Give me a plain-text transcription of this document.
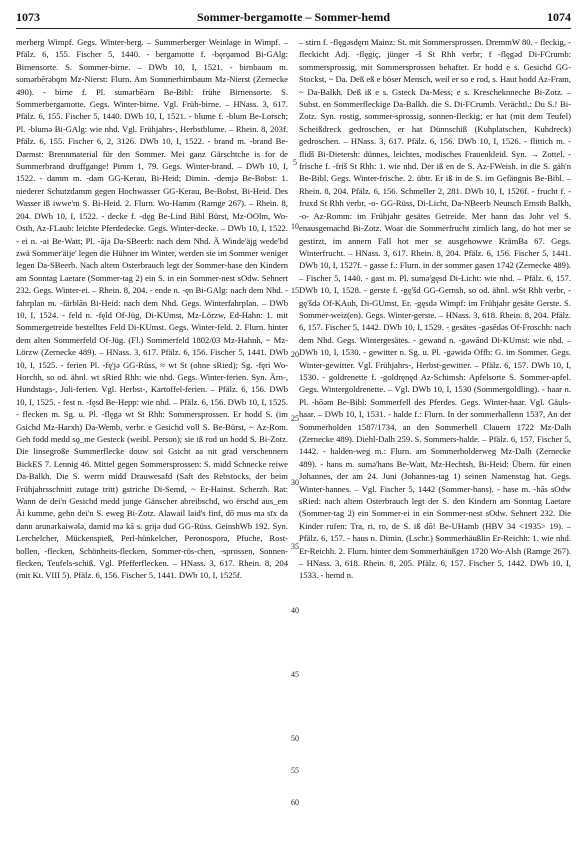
1073	Sommer-bergamotte – Sommer-hemd	1074

merberg Wimpf. Gegs. Winter-berg. – Summerberger Weinlage in Wimpf. – Pfälz. 6, 155. Fischer 5, 1440. - bergamotte f. -bęrǫamod Bi-GAlg: Birnensorte. S. Sommer-birne. – DWb 10, I, 1521. - birnbaum m. somǝrbērǝbǫm Mz-Nierst: Flurn. Am Sommerbirnbaum Mz-Nierst (Zernecke 490). - birne f. Pl. sumǝrbēǝrn Be-Bibl: frühe Birnensorte. S. Sommerbergamotte. Gegs. Winter-birne. Vgl. Früh-birne. – HNass. 3, 617. Pfälz. 6, 155. Fischer 5, 1440. DWb 10, I, 1521. - blume f. -blum Be-Lorsch; Pl. -blumǝ Bi-GAlg: wie nhd. Vgl. Frühjahrs-, Herbstblume. – Rhein. 8, 203f. Pfälz. 6, 155. Fischer 6, 2, 3126. DWb 10, I, 1522. - brand m. -brand Be-Darmst: Brennmaterial für den Sommer. Mei ganz Gärschtche is for de Summerbrand druffgange! Pimm 1, 79. Gegs. Winter-brand. – DWb 10, I, 1522. - damm m. -dam GG-Kerau, Bi-Heid; Dimin. -demjǝ Be-Bobst: 1. niederer Schutzdamm gegen Hochwasser GG-Kerau, Be-Bobst, Bi-Heid. Des Wasser iß iwwe'm S. Bi-Heid. 2. Flurn. Wo-Hamm (Ramge 267). – Rhein. 8, 204. DWb 10, I, 1522. - decke f. -dęg Be-Lind Bibl Bürst, Mz-OOlm, Wo-Osth, Az-FLaub: leichte Pferdedecke. Gegs. Winter-decke. – DWb 10, I, 1522. - ei n. -ai Be-Watt; Pl. -ājǝ Da-SBeerb: nach dem Nhd. Ä Winde'äjg wede'bd zwä Sommer'äije' legen die Hühner im Winter, werden sie im Sommer weniger legen Da-SBeerb. Nach altem Osterbrauch legt der Sommer-hase den Kindern am Sonntag Laetare (Sommer-tag 2) ein S. in ein Sommer-nest sOdw. Sehnert 232. Gegs. Winter-ei. – Rhein. 8, 204. - ende n. -ęn Bi-GAlg: nach dem Nhd. - fahrplan m. -färblān Bi-Heid: nach dem Nhd. Gegs. Winterfahrplan. – DWb 10, I, 1524. - feld n. -fęld Of-Jüg, Di-KUmst, Mz-Lörzw, Ed-Hahn: 1. mit Sommergetreide bestelltes Feld Di-KUmst. Gegs. Winter-feld. 2. Flurn. hinter dem alten Sommerfeld Of-Jüg. (Fl.) Sommerfeld 1802/03 Mz-Hahnh, ~ Mz-Lörzw (Zernecke 489). – HNass. 3, 617. Pfälz. 6, 156. Fischer 5, 1441. DWb 10, I, 1525. - ferien Pl. -fę'jǝ GG-Rüss, ≈ wt St (ohne sRied); Sg. -fęri Wo-Horchh, so od. ähnl. wt sRied Rhh: wie nhd. Gegs. Winter-ferien. Syn. Ärn-, Hundstags-, Juli-ferien. Vgl. Herbst-, Kartoffel-ferien. – Pfälz. 6, 156. DWb 10, I, 1525. - fest n. -fęsd Be-Hepp: wie nhd. – Pfälz. 6, 156. DWb 10, I, 1525. - flecken m. Sg. u. Pl. -flęgǝ wt St Rhh: Sommersprossen. Er hodd S. (im Gsichd Mz-Harxh) Da-Wemb, verbr. e Gesichd voll S. Be-Bürst, ~ Az-Rom. Geh fodd medd sǫ_me Gesteck (weibl. Person); sie iß rod un hodd S. Bi-Zotz. Die linsegroße Summerflecke douw soi Gsicht aa nit grad verschennern BickES 7. Lennig 46. Mittel gegen Sommersprossen: S. midd Schnecke reiwe Da-Balkh. Die S. werrn midd Drauwesafd (Saft des Rebstocks, der beim Frühjahrsschnitt zutage tritt) gstriche Di-Semd, ~ Er-Hainst. Scherzh. Rat: Wann de dei'n Gesichd medd junge Gänscher abreibschd, wo ërschd aus_em Äi kumme, gehn dei'n S. eweg Bi-Zotz. Alawail laid's finf, dō mus mǝ sīx da dann arunǝrkaiwǝlǝ, damid mǝ kā s. grijǝ dud GG-Rüss. GeinshWb 192. Syn. Lerchelcher, Mückenspieß, Perl-hünkelcher, Peronospora, Pfuche, Rost-bollen, -flecken, Schönheits-flecken, Sommer-rös-chen, -sprossen, Sonnen-flecken, Teufels-schiß. Vgl. Pfefferflecken. – HNass. 3, 617. Rhein. 8, 204 (mit Kt. VIII 5). Pfälz. 6, 156. Fischer 5, 1441. DWb 10, I, 1525f.

5
10
15
20
25
30
35
40
45
50
55
60

– stirn f. -flęgǝsdęrn Mainz: St. mit Sommersprossen. DremmW 80. - fleckig, -fleckicht Adj. -flęgiç, jünger -š St Rhh verbr; f -flęgǝd Di-FCrumb: sommersprossig, mit Sommersprossen behaftet. Er hodd e s. Gesichd GG-Stockst, ~ Da. Deß eß e böser Mensch, weil er so e rod, s. Haut hodd Az-Fram, ~ Da-Balkh. Deß iß e s. Gsteck Da-Mess; e s. Krescheknneche Bi-Zotz. – Subst. en Sommerfleckige Da-Balkh. die S. Di-FCrumb. Verächtl.: Du S.! Bi-Zotz. Syn. rostig, sommer-sprossig, sonnen-fleckig; er hat (mit dem Teufel) Scheißdreck gedroschen, er hat Dünnschiß (Kuhplatschen, Kuhdreck) gedroschen. – HNass. 3, 617. Pfälz. 6, 156. DWb 10, I, 1526. - flittich m. -flidš Bi-Dietersh: dünnes, leichtes, modisches Frauenkleid. Syn. → Zottel. - frische f. -friš St Rhh: 1. wie nhd. Der iß en de S. Az-FWeish. in die S. gäh'n Be-Bibl. Gegs. Winter-frische. 2. übtr. Er iß in de S. im Gefängnis Be-Bibl. – Rhein. 8, 204. Pfälz. 6, 156. Schmeller 2, 281. DWb 10, I, 1526f. - frucht f. -fruxd St Rhh verbr, -o- GG-Rüss, Di-Licht, Da-NBeerb Neutsch Ernsth Balkh, -o- Az-Romm: im Frühjahr gesätes Getreide. Mer hann das Johr vel S. enausgemachd Bi-Zotz. Woar die Sommerfrucht zimlich lang, do hot mer se gestirzt, im annern Fall hot mer se ausgehowwe KrämBa 67. Gegs. Winterfrucht. – HNass. 3, 617. Rhein. 8, 204. Pfälz. 6, 156. Fischer 5, 1441. DWb 10, I, 1527f. - gasse f.: Flurn. in der sommer gasen 1742 (Zernecke 489). – Fischer 5, 1440. - gast m. Pl. sumǝ'gęsd Di-Licht: wie nhd. – Pfälz. 6, 157. DWb 10, I, 1528. - gerste f. -gę'šd GG-Gernsh, so od. ähnl. wSt Rhh verbr, -gę'šdǝ Of-KAuh, Di-GUmst, Er. -gęsdǝ Wimpf: im Frühjahr gesäte Gerste. S. Sommer-weiz(en). Gegs. Winter-gerste. – HNass. 3, 618. Rhein. 8, 204. Pfälz. 6, 157. Fischer 5, 1442. DWb 10, I, 1529. - gesätes -gǝsēdǝs Of-Froschh: nach dem Nhd. Gegs. Wintergesätes. - gewand n. -gǝwānd Di-KUmst: wie nhd. – DWb 10, I, 1530. - gewitter n. Sg. u. Pl. -gǝwidǝ Offb: G. im Sommer. Gegs. Winter-gewitter. Vgl. Frühjahrs-, Herbst-gewitter. – Pfälz. 6, 157. DWb 10, I, 1530. - goldrenette f. -goldręnęd Az-Schimsh: Apfelsorte S. Sommer-apfel. Gegs. Wintergoldrenette. – Vgl. DWb 10, I, 1530 (Sommergoldling). - haar n. Pl. -hōǝm Be-Bibl: Sommerfell des Pferdes. Gegs. Winter-haar. Vgl. Gäuls-haar. – DWb 10, I, 1531. - halde f.: Flurn. In der sommerhallenn 1537, An der Sommerholden 1587/1734, an den Sommerhell Clauern 1722 Mz-Dalh (Zernecke 489). Diehl-Dalh 259. S. Sommers-halde. – Pfälz. 6, 157. Fischer 5, 1442. - halden-weg m.: Flurn. am Sommerholderweg Mz-Dalh (Zernecke 489). - hans m. sumǝ'hans Be-Watt, Mz-Hechtsh, Bi-Heid: Übern. für einen Johannes, der am 24. Juni (Johannes-tag 1) seinen Namenstag hat. Gegs. Winter-hannes. – Vgl. Fischer 5, 1442 (Sommer-hans). - hase m. -hās sOdw sRied: nach altem Osterbrauch legt der S. den Kindern am Sonntag Laetare (Sommer-tag 2) ein Sommer-ei in ein Sommer-nest sOdw. Sehnert 232. Die Kinder rufen: Tra, ri, ro, de S. iß dō! Be-UHamb (HBV 34 <1935> 19). – Pfälz. 6, 157. - haus n. Dimin. (Lschr.) Sommerhäußlin Er-Reichh: 1. wie nhd. Er-Reichh. 2. Flurn. hinter dem Sommerhäußgen 1720 Wo-Alsh (Ramge 267). – HNass. 3, 618. Rhein. 8, 205. Pfälz. 6, 157. Fischer 5, 1442. DWb 10, I, 1533. - hemd n.
